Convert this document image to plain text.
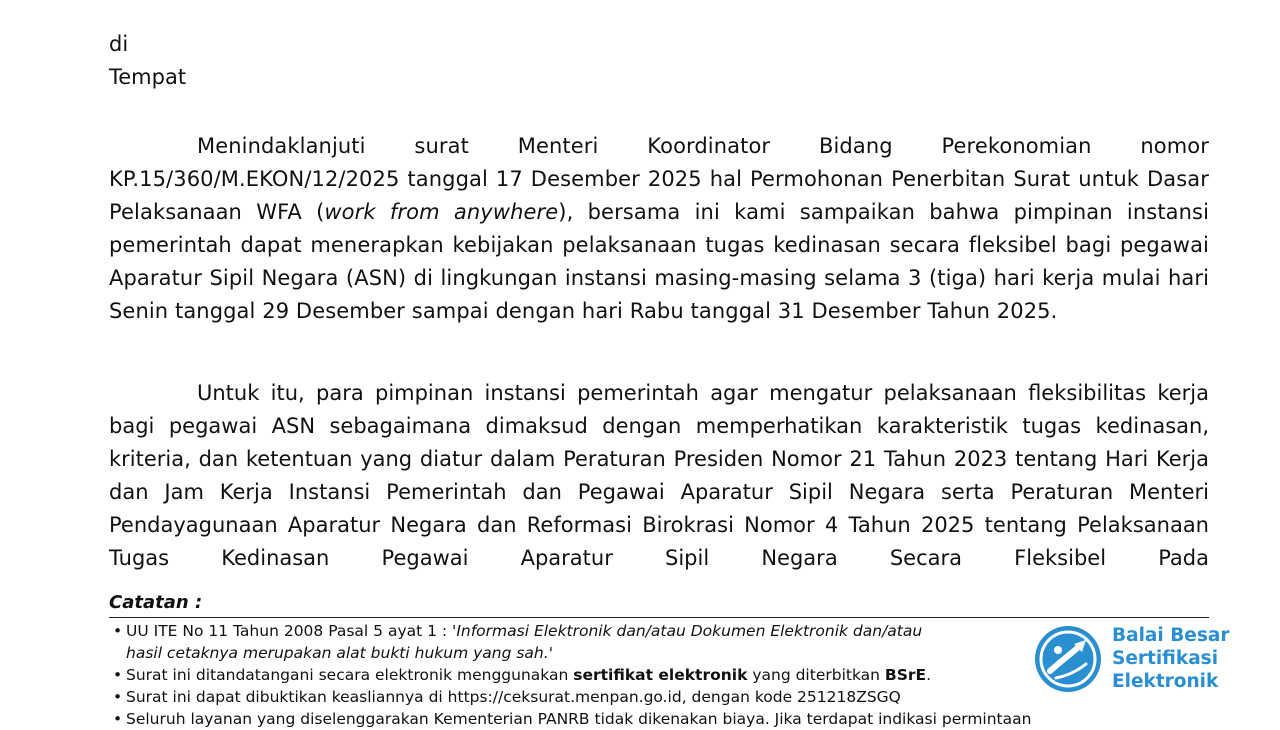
di
Tempat

Menindaklanjuti surat Menteri Koordinator Bidang Perekonomian nomor KP.15/360/M.EKON/12/2025 tanggal 17 Desember 2025 hal Permohonan Penerbitan Surat untuk Dasar Pelaksanaan WFA (work from anywhere), bersama ini kami sampaikan bahwa pimpinan instansi pemerintah dapat menerapkan kebijakan pelaksanaan tugas kedinasan secara fleksibel bagi pegawai Aparatur Sipil Negara (ASN) di lingkungan instansi masing-masing selama 3 (tiga) hari kerja mulai hari Senin tanggal 29 Desember sampai dengan hari Rabu tanggal 31 Desember Tahun 2025.

Untuk itu, para pimpinan instansi pemerintah agar mengatur pelaksanaan fleksibilitas kerja bagi pegawai ASN sebagaimana dimaksud dengan memperhatikan karakteristik tugas kedinasan, kriteria, dan ketentuan yang diatur dalam Peraturan Presiden Nomor 21 Tahun 2023 tentang Hari Kerja dan Jam Kerja Instansi Pemerintah dan Pegawai Aparatur Sipil Negara serta Peraturan Menteri Pendayagunaan Aparatur Negara dan Reformasi Birokrasi Nomor 4 Tahun 2025 tentang Pelaksanaan Tugas Kedinasan Pegawai Aparatur Sipil Negara Secara Fleksibel Pada

Catatan :
• UU ITE No 11 Tahun 2008 Pasal 5 ayat 1 : 'Informasi Elektronik dan/atau Dokumen Elektronik dan/atau
hasil cetaknya merupakan alat bukti hukum yang sah.'
• Surat ini ditandatangani secara elektronik menggunakan sertifikat elektronik yang diterbitkan BSrE.
• Surat ini dapat dibuktikan keasliannya di https://ceksurat.menpan.go.id, dengan kode 251218ZSGQ
• Seluruh layanan yang diselenggarakan Kementerian PANRB tidak dikenakan biaya. Jika terdapat indikasi permintaan
Balai Besar
Sertifikasi
Elektronik
